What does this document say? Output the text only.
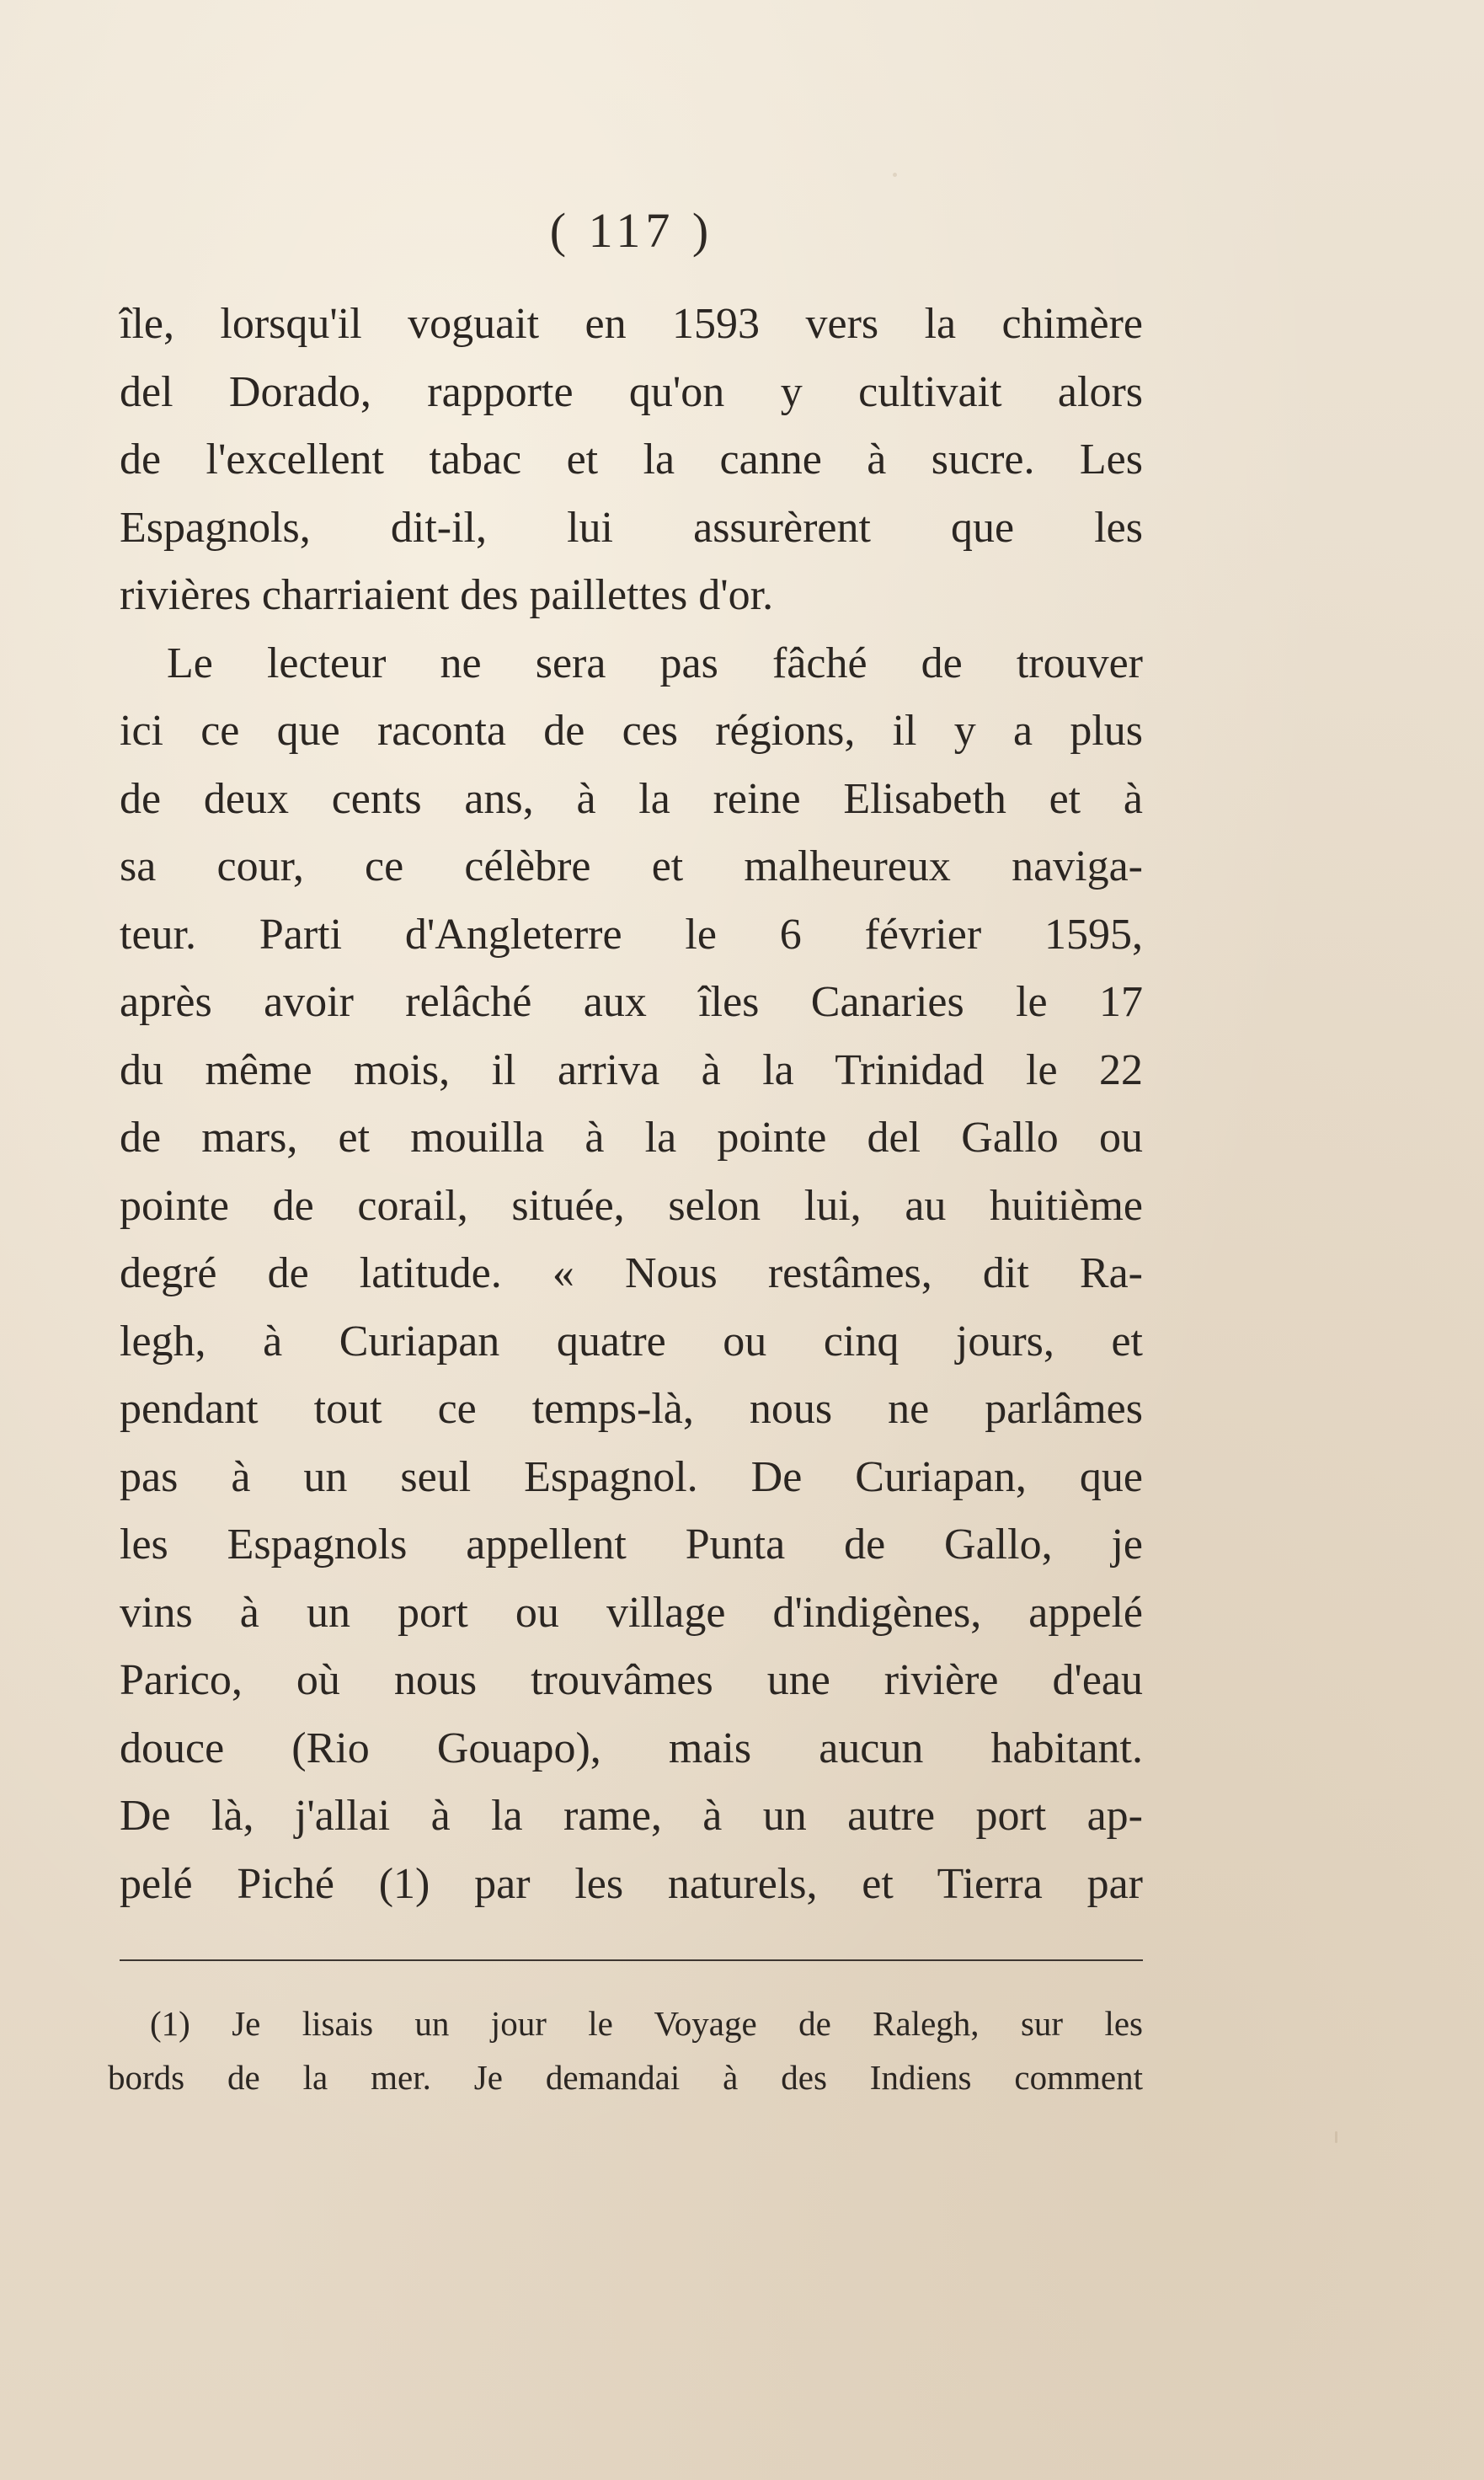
( 117 )
île, lorsqu'il voguait en 1593 vers la chimère
del Dorado, rapporte qu'on y cultivait alors
de l'excellent tabac et la canne à sucre. Les
Espagnols, dit-il, lui assurèrent que les
rivières charriaient des paillettes d'or.
Le lecteur ne sera pas fâché de trouver
ici ce que raconta de ces régions, il y a plus
de deux cents ans, à la reine Elisabeth et à
sa cour, ce célèbre et malheureux naviga-
teur. Parti d'Angleterre le 6 février 1595,
après avoir relâché aux îles Canaries le 17
du même mois, il arriva à la Trinidad le 22
de mars, et mouilla à la pointe del Gallo ou
pointe de corail, située, selon lui, au huitième
degré de latitude. « Nous restâmes, dit Ra-
legh, à Curiapan quatre ou cinq jours, et
pendant tout ce temps-là, nous ne parlâmes
pas à un seul Espagnol. De Curiapan, que
les Espagnols appellent Punta de Gallo, je
vins à un port ou village d'indigènes, appelé
Parico, où nous trouvâmes une rivière d'eau
douce (Rio Gouapo), mais aucun habitant.
De là, j'allai à la rame, à un autre port ap-
pelé Piché (1) par les naturels, et Tierra par
(1) Je lisais un jour le Voyage de Ralegh, sur les
bords de la mer. Je demandai à des Indiens comment
